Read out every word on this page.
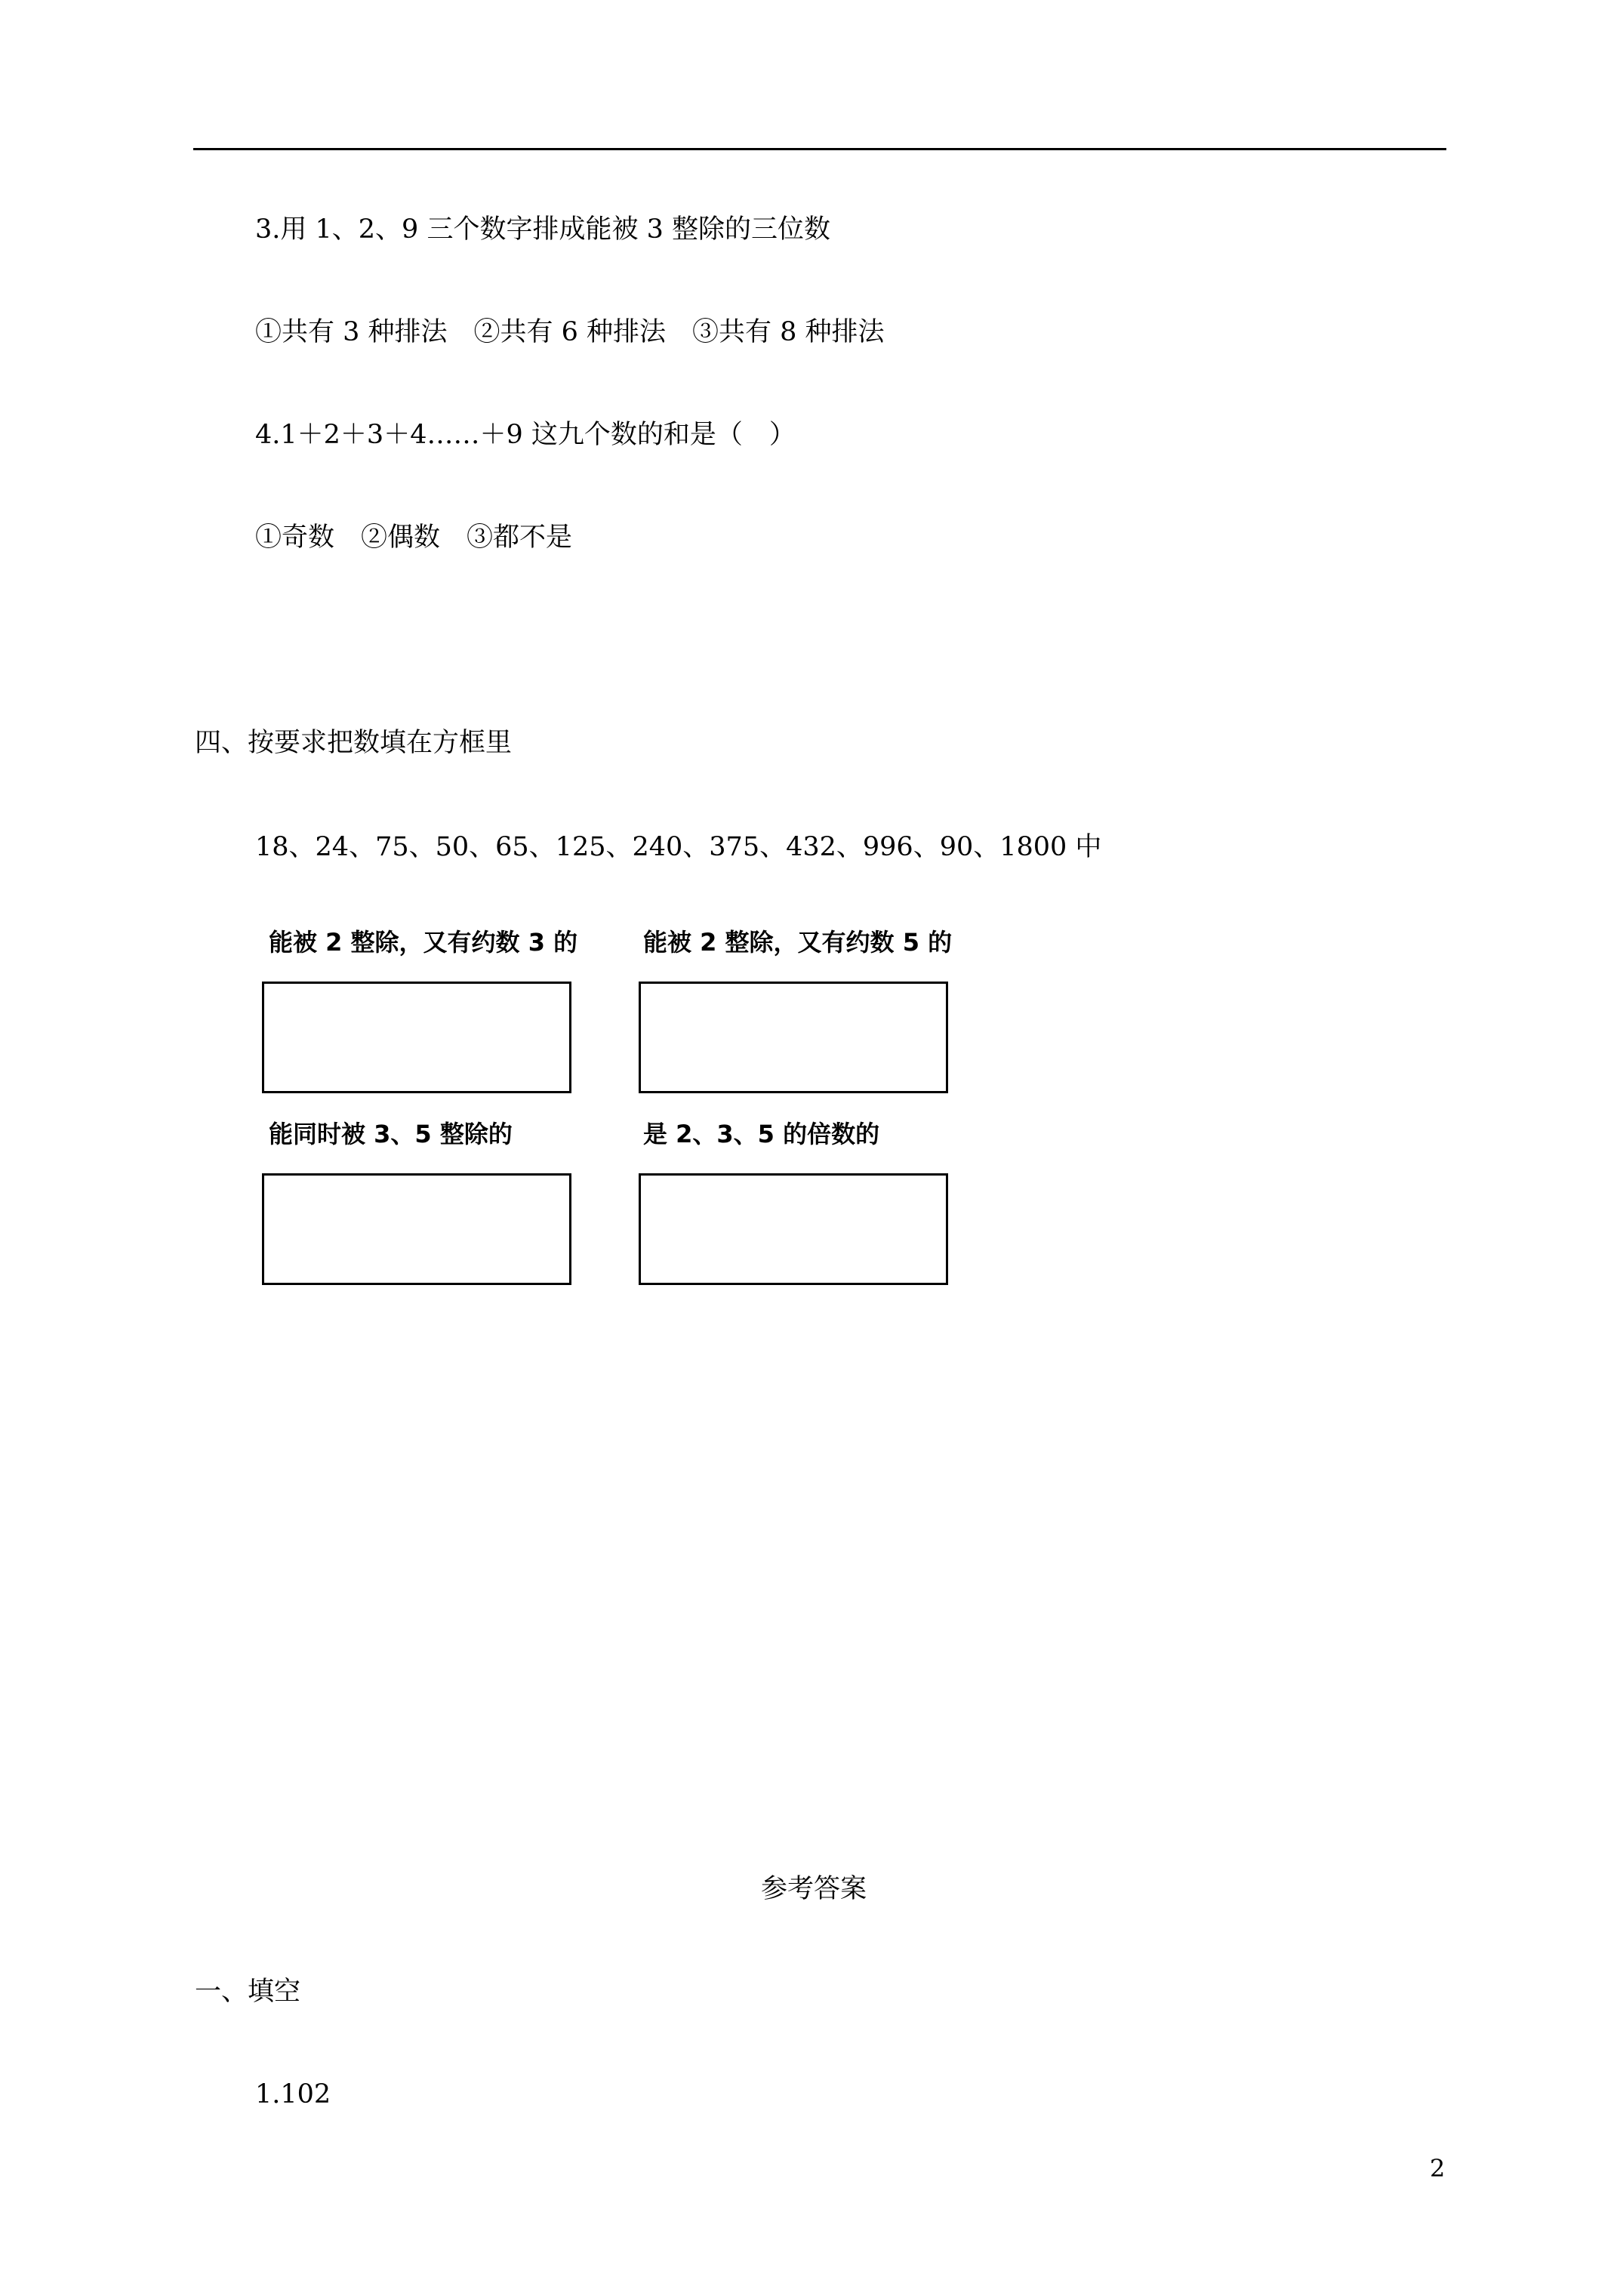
3.用 1、2、9 三个数字排成能被 3 整除的三位数

①共有 3 种排法　②共有 6 种排法　③共有 8 种排法

4.1＋2＋3＋4……＋9 这九个数的和是（　）

①奇数　②偶数　③都不是

四、按要求把数填在方框里

18、24、75、50、65、125、240、375、432、996、90、1800 中

能被 2 整除，又有约数 3 的	能被 2 整除，又有约数 5 的
能同时被 3、5 整除的	是 2、3、5 的倍数的

参考答案

一、填空

1.102

2
